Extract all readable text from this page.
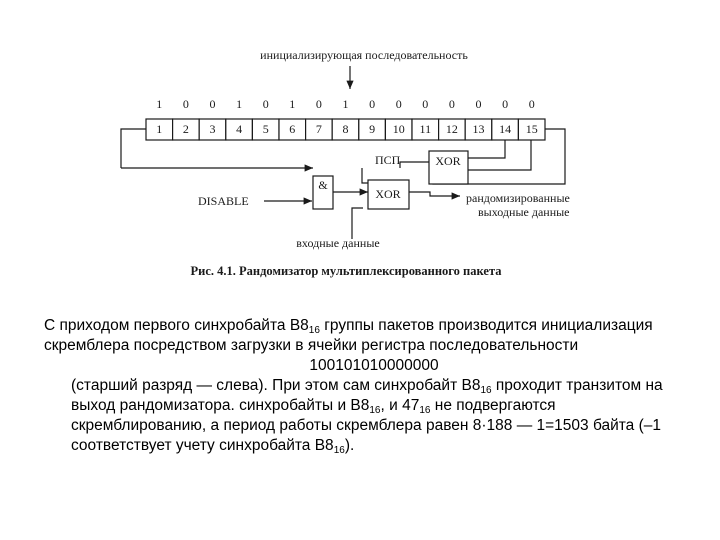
инициализирующая последовательность
1 0 0 1 0 1 0 1 0 0 0 0 0 0 0
1 2 3 4 5 6 7 8 9 10 11 12 13 14 15
XOR
&
XOR
ПСП
DISABLE	рандомизированные
выходные данные
входные данные
Рис. 4.1. Рандомизатор мультиплексированного пакета

С приходом первого синхробайта $B8_{16}$ группы пакетов производится инициализация скремблера посредством загрузки в ячейки регистра последовательности

100101010000000

(старший разряд — слева). При этом сам синхробайт $B8_{16}$ проходит транзитом на выход рандомизатора. синхробайты и $B8_{16}$, и $47_{16}$ не подвергаются скремблированию, а период работы скремблера равен 8·188 — 1=1503 байта (–1 соответствует учету синхробайта $B8_{16}$).
